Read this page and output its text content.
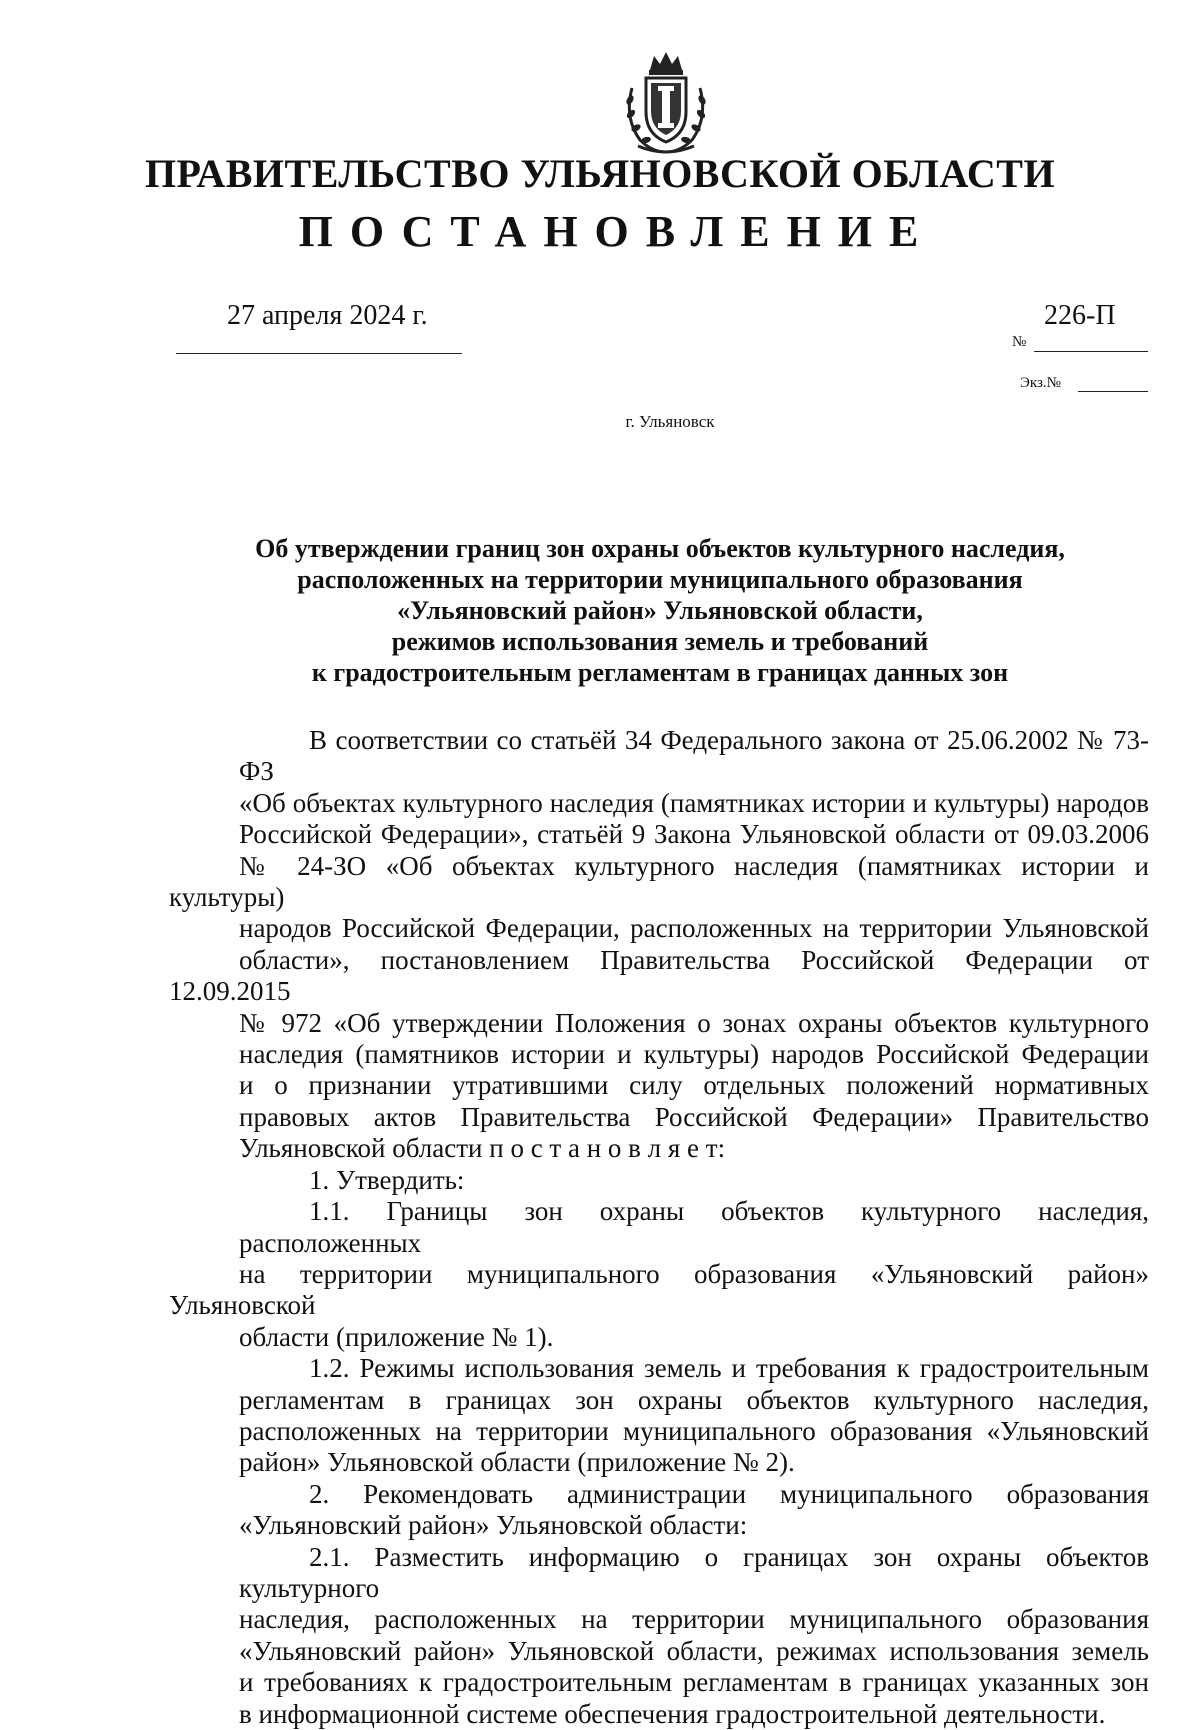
ПРАВИТЕЛЬСТВО УЛЬЯНОВСКОЙ ОБЛАСТИ
ПОСТАНОВЛЕНИЕ
27 апреля 2024 г.	226-П
№
Экз.№
г. Ульяновск
Об утверждении границ зон охраны объектов культурного наследия,
расположенных на территории муниципального образования
«Ульяновский район» Ульяновской области,
режимов использования земель и требований
к градостроительным регламентам в границах данных зон
В соответствии со статьёй 34 Федерального закона от 25.06.2002 № 73-ФЗ
«Об объектах культурного наследия (памятниках истории и культуры) народов
Российской Федерации», статьёй 9 Закона Ульяновской области от 09.03.2006
№ 24-ЗО «Об объектах культурного наследия (памятниках истории и культуры)
народов Российской Федерации, расположенных на территории Ульяновской
области», постановлением Правительства Российской Федерации от 12.09.2015
№ 972 «Об утверждении Положения о зонах охраны объектов культурного
наследия (памятников истории и культуры) народов Российской Федерации
и о признании утратившими силу отдельных положений нормативных
правовых актов Правительства Российской Федерации» Правительство
Ульяновской области п о с т а н о в л я е т:
1. Утвердить:
1.1. Границы зон охраны объектов культурного наследия, расположенных
на территории муниципального образования «Ульяновский район» Ульяновской
области (приложение № 1).
1.2. Режимы использования земель и требования к градостроительным
регламентам в границах зон охраны объектов культурного наследия,
расположенных на территории муниципального образования «Ульяновский
район» Ульяновской области (приложение № 2).
2. Рекомендовать администрации муниципального образования
«Ульяновский район» Ульяновской области:
2.1. Разместить информацию о границах зон охраны объектов культурного
наследия, расположенных на территории муниципального образования
«Ульяновский район» Ульяновской области, режимах использования земель
и требованиях к градостроительным регламентам в границах указанных зон
в информационной системе обеспечения градостроительной деятельности.
